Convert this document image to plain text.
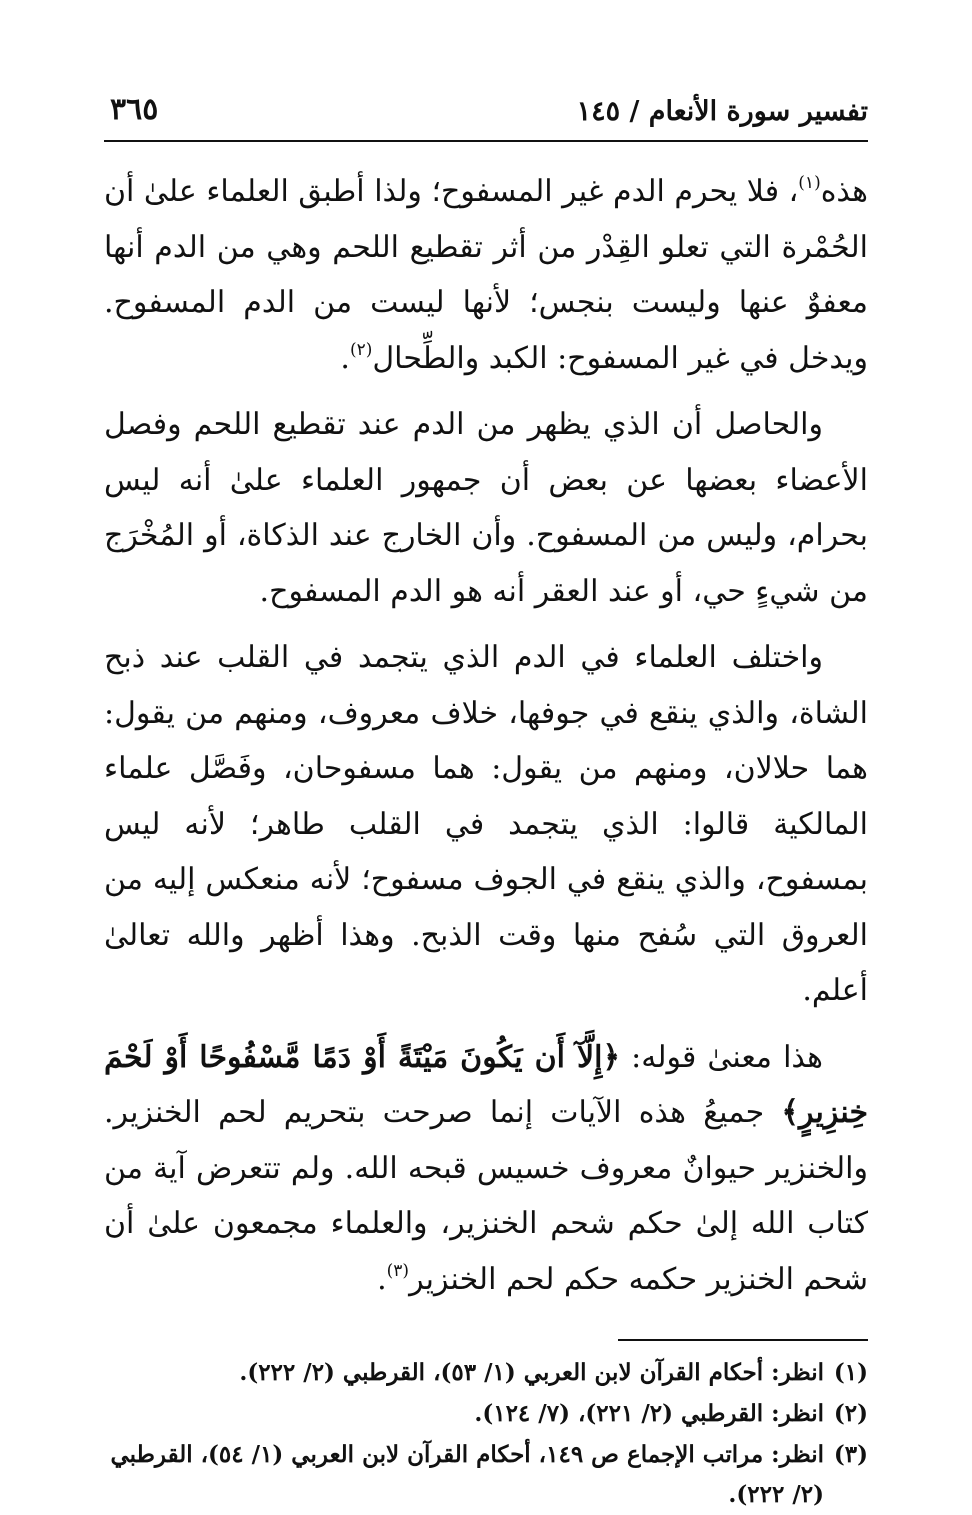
تفسير سورة الأنعام / ١٤٥
٣٦٥

هذه$^{(١)}$، فلا يحرم الدم غير المسفوح؛ ولذا أطبق العلماء علىٰ أن الحُمْرة التي تعلو القِدْر من أثر تقطيع اللحم وهي من الدم أنها معفوٌ عنها وليست بنجس؛ لأنها ليست من الدم المسفوح. ويدخل في غير المسفوح: الكبد والطِّحال$^{(٢)}$.

والحاصل أن الذي يظهر من الدم عند تقطيع اللحم وفصل الأعضاء بعضها عن بعض أن جمهور العلماء علىٰ أنه ليس بحرام، وليس من المسفوح. وأن الخارج عند الذكاة، أو المُخْرَج من شيءٍ حي، أو عند العقر أنه هو الدم المسفوح.

واختلف العلماء في الدم الذي يتجمد في القلب عند ذبح الشاة، والذي ينقع في جوفها، خلاف معروف، ومنهم من يقول: هما حلالان، ومنهم من يقول: هما مسفوحان، وفَصَّل علماء المالكية قالوا: الذي يتجمد في القلب طاهر؛ لأنه ليس بمسفوح، والذي ينقع في الجوف مسفوح؛ لأنه منعكس إليه من العروق التي سُفح منها وقت الذبح. وهذا أظهر والله تعالىٰ أعلم.

هذا معنىٰ قوله: ﴿إِلَّآ أَن يَكُونَ مَيْتَةً أَوْ دَمًا مَّسْفُوحًا أَوْ لَحْمَ خِنزِيرٍ﴾ جميعُ هذه الآيات إنما صرحت بتحريم لحم الخنزير. والخنزير حيوانٌ معروف خسيس قبحه الله. ولم تتعرض آية من كتاب الله إلىٰ حكم شحم الخنزير، والعلماء مجمعون علىٰ أن شحم الخنزير حكمه حكم لحم الخنزير$^{(٣)}$.

(١)انظر: أحكام القرآن لابن العربي (١/ ٥٣)، القرطبي (٢/ ٢٢٢).

(٢)انظر: القرطبي (٢/ ٢٢١)، (٧/ ١٢٤).

(٣)انظر: مراتب الإجماع ص ١٤٩، أحكام القرآن لابن العربي (١/ ٥٤)، القرطبي (٢/ ٢٢٢).
